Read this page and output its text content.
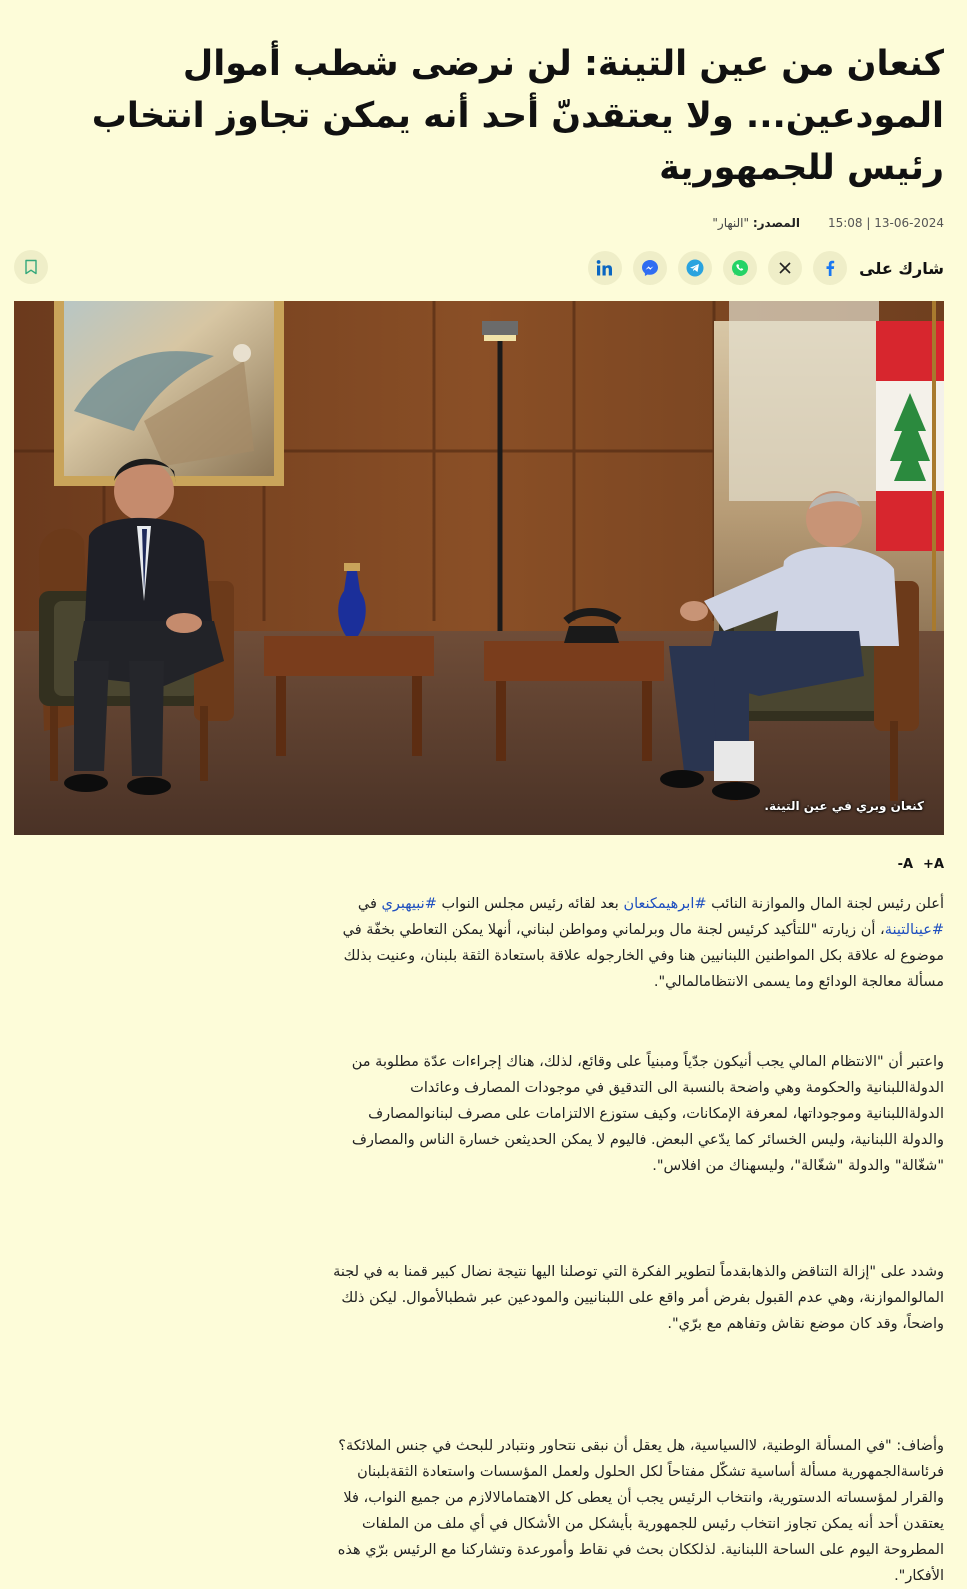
كنعان من عين التينة: لن نرضى شطب أموال المودعين... ولا يعتقدنّ أحد أنه يمكن تجاوز انتخاب رئيس للجمهورية
13-06-2024 | 15:08
المصدر: "النهار"
شارك على
كنعان وبري في عين التينة.
A+
A-

أعلن رئيس لجنة المال والموازنة النائب #ابرهيمكنعان بعد لقائه رئيس مجلس النواب #نبيهبري في #عينالتينة، أن زيارته "للتأكيد كرئيس لجنة مال وبرلماني ومواطن لبناني، أنهلا يمكن التعاطي بخفّة في موضوع له علاقة بكل المواطنين اللبنانيين هنا وفي الخارجوله علاقة باستعادة الثقة بلبنان، وعنيت بذلك مسألة معالجة الودائع وما يسمى الانتظامالمالي".

واعتبر أن "الانتظام المالي يجب أنيكون جدّياً ومبنياً على وقائع، لذلك، هناك إجراءات عدّة مطلوبة من الدولةاللبنانية والحكومة وهي واضحة بالنسبة الى التدقيق في موجودات المصارف وعائدات الدولةاللبنانية وموجوداتها، لمعرفة الإمكانات، وكيف ستوزع الالتزامات على مصرف لبنانوالمصارف والدولة اللبنانية، وليس الخسائر كما يدّعي البعض. فاليوم لا يمكن الحديثعن خسارة الناس والمصارف "شغّالة" والدولة "شغّالة"، وليسهناك من افلاس".

وشدد على "إزالة التناقض والذهابقدماً لتطوير الفكرة التي توصلنا اليها نتيجة نضال كبير قمنا به في لجنة المالوالموازنة، وهي عدم القبول بفرض أمر واقع على اللبنانيين والمودعين عبر شطبالأموال. ليكن ذلك واضحاً، وقد كان موضع نقاش وتفاهم مع برّي".

وأضاف: "في المسألة الوطنية، لاالسياسية، هل يعقل أن نبقى نتحاور ونتبادر للبحث في جنس الملائكة؟ فرئاسةالجمهورية مسألة أساسية تشكّل مفتاحاً لكل الحلول ولعمل المؤسسات واستعادة الثقةبلبنان والقرار لمؤسساته الدستورية، وانتخاب الرئيس يجب أن يعطى كل الاهتمامالالازم من جميع النواب، فلا يعتقدن أحد أنه يمكن تجاوز انتخاب رئيس للجمهورية بأيشكل من الأشكال في أي ملف من الملفات المطروحة اليوم على الساحة اللبنانية. لذلككان بحث في نقاط وأمورعدة وتشاركنا مع الرئيس برّي هذه الأفكار".
